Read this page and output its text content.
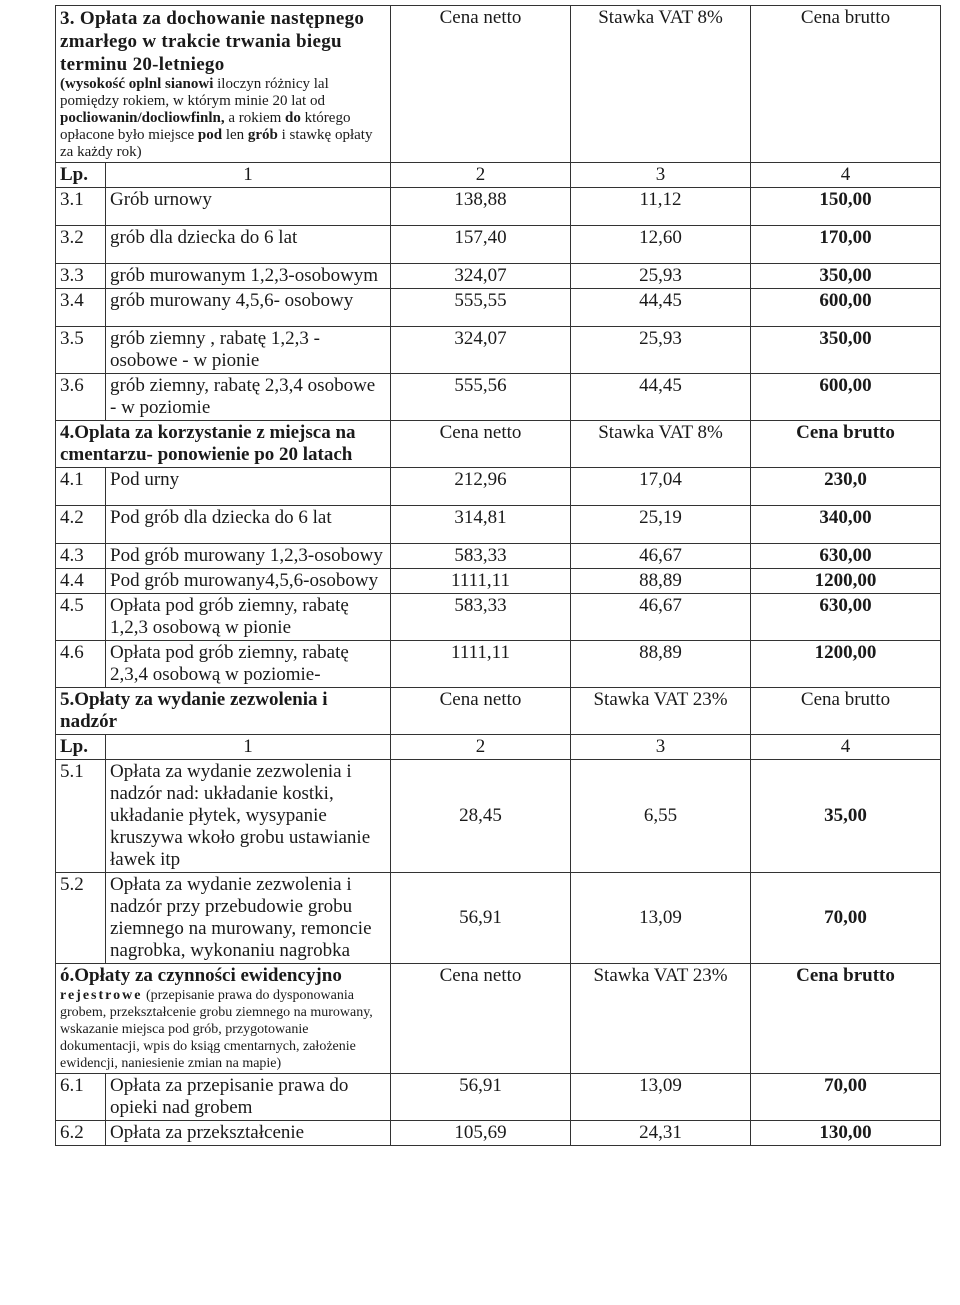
3. Opłata za dochowanie następnego zmarłego w trakcie trwania biegu terminu 20-letniego
(wysokość oplnl sianowi iloczyn różnicy lal pomiędzy rokiem, w którym minie 20 lat od pocliowanin/docliowfinln, a rokiem do którego opłacone było miejsce pod len grób i stawkę opłaty za każdy rok)		Cena netto	Stawka VAT 8%	Cena brutto
Lp.	1	2	3	4
3.1	Grób urnowy	138,88	11,12	150,00
3.2	grób dla dziecka do 6 lat	157,40	12,60	170,00
3.3	grób murowanym 1,2,3-osobowym	324,07	25,93	350,00
3.4	grób murowany 4,5,6- osobowy	555,55	44,45	600,00
3.5	grób ziemny , rabatę 1,2,3 - osobowe - w pionie	324,07	25,93	350,00
3.6	grób ziemny, rabatę 2,3,4 osobowe - w poziomie	555,56	44,45	600,00
4.Oplata za korzystanie z miejsca na cmentarzu- ponowienie po 20 latach		Cena netto	Stawka VAT 8%	Cena brutto
4.1	Pod urny	212,96	17,04	230,0
4.2	Pod grób dla dziecka do 6 lat	314,81	25,19	340,00
4.3	Pod grób murowany 1,2,3-osobowy	583,33	46,67	630,00
4.4	Pod grób murowany4,5,6-osobowy	1111,11	88,89	1200,00
4.5	Opłata pod grób ziemny, rabatę 1,2,3 osobową w pionie	583,33	46,67	630,00
4.6	Opłata pod grób ziemny, rabatę 2,3,4 osobową w poziomie-	1111,11	88,89	1200,00
5.Opłaty za wydanie zezwolenia i nadzór		Cena netto	Stawka VAT 23%	Cena brutto
Lp.	1	2	3	4
5.1	Opłata za wydanie zezwolenia i nadzór nad: układanie kostki, układanie płytek, wysypanie kruszywa wkoło grobu ustawianie ławek itp	28,45	6,55	35,00
5.2	Opłata za wydanie zezwolenia i nadzór przy przebudowie grobu ziemnego na murowany, remoncie nagrobka, wykonaniu nagrobka	56,91	13,09	70,00

ó.Opłaty za czynności ewidencyjno
rejestrowe (przepisanie prawa do dysponowania grobem, przekształcenie grobu ziemnego na murowany, wskazanie miejsca pod grób, przygotowanie dokumentacji, wpis do ksiąg cmentarnych, założenie ewidencji, naniesienie zmian na mapie)		Cena netto	Stawka VAT 23%	Cena brutto
6.1	Opłata za przepisanie prawa do opieki nad grobem	56,91	13,09	70,00
6.2	Opłata za przekształcenie	105,69	24,31	130,00
